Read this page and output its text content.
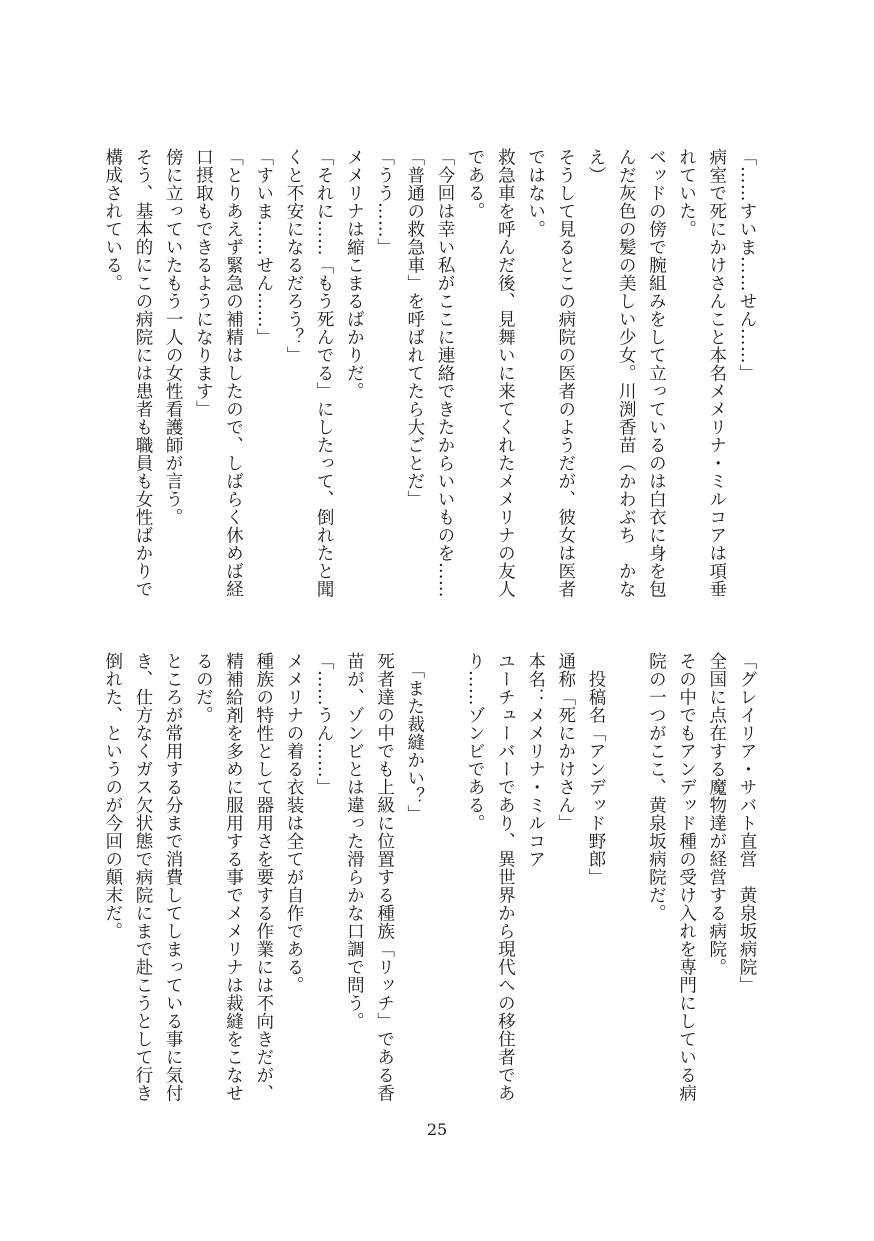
「……すいま……せん……」
病室で死にかけさんこと本名メメリナ・ミルコアは項垂
れていた。
ベッドの傍で腕組みをして立っているのは白衣に身を包
んだ灰色の髪の美しい少女。川渕香苗（かわぶち　かな
え）
そうして見るとこの病院の医者のようだが、彼女は医者
ではない。
救急車を呼んだ後、見舞いに来てくれたメメリナの友人
である。
「今回は幸い私がここに連絡できたからいいものを……
「普通の救急車」を呼ばれてたら大ごとだ」
「うう……」
メメリナは縮こまるばかりだ。
「それに……「もう死んでる」にしたって、倒れたと聞
くと不安になるだろう？」
「すいま……せん……」
「とりあえず緊急の補精はしたので、しばらく休めば経
口摂取もできるようになります」
傍に立っていたもう一人の女性看護師が言う。
そう、基本的にこの病院には患者も職員も女性ばかりで
構成されている。
「グレイリア・サバト直営　黄泉坂病院」
全国に点在する魔物達が経営する病院。
その中でもアンデッド種の受け入れを専門にしている病
院の一つがここ、黄泉坂病院だ。

　投稿名「アンデッド野郎」
通称「死にかけさん」
本名：メメリナ・ミルコア
ユーチューバーであり、異世界から現代への移住者であ
り……ゾンビである。

　「また裁縫かい？」
死者達の中でも上級に位置する種族「リッチ」である香
苗が、ゾンビとは違った滑らかな口調で問う。
「……うん……」
メメリナの着る衣装は全てが自作である。
種族の特性として器用さを要する作業には不向きだが、
精補給剤を多めに服用する事でメメリナは裁縫をこなせ
るのだ。
ところが常用する分まで消費してしまっている事に気付
き、仕方なくガス欠状態で病院にまで赴こうとして行き
倒れた、というのが今回の顛末だ。
25
